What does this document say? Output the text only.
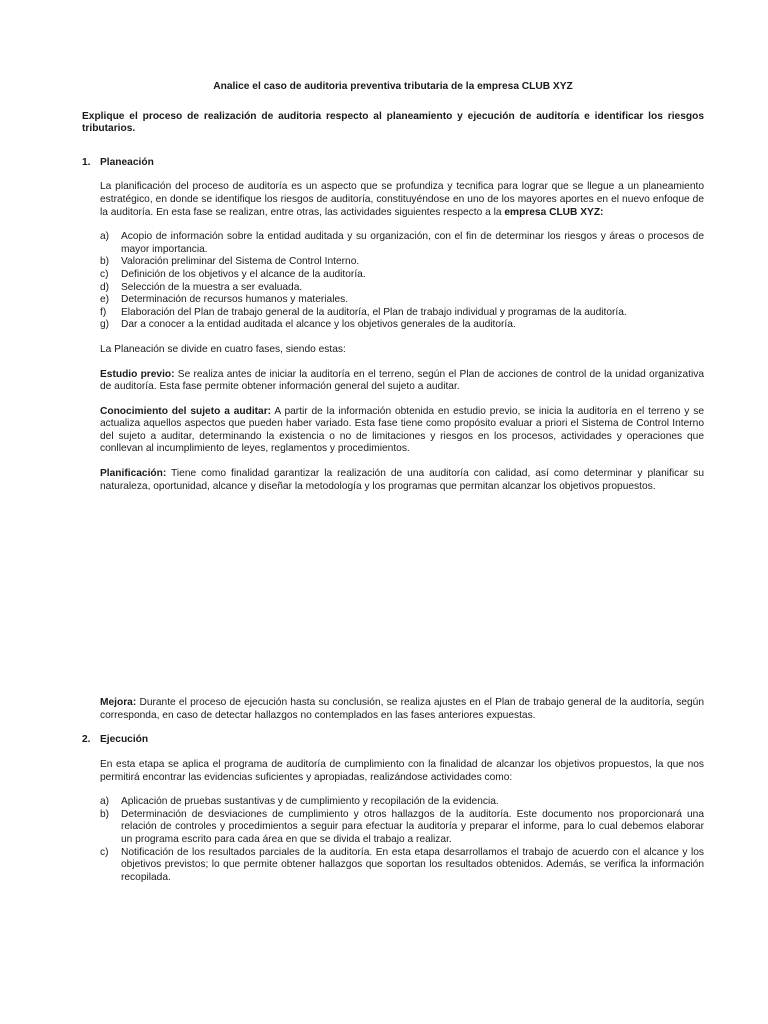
Analice el caso de auditoria preventiva tributaria de la empresa CLUB XYZ
Explique el proceso de realización de auditoria respecto al planeamiento y ejecución de auditoría e identificar los riesgos tributarios.
1. Planeación

La planificación del proceso de auditoría es un aspecto que se profundiza y tecnifica para lograr que se llegue a un planeamiento estratégico, en donde se identifique los riesgos de auditoría, constituyéndose en uno de los mayores aportes en el nuevo enfoque de la auditoría. En esta fase se realizan, entre otras, las actividades siguientes respecto a la empresa CLUB XYZ:

a)	Acopio de información sobre la entidad auditada y su organización, con el fin de determinar los riesgos y áreas o procesos de mayor importancia.
b)	Valoración preliminar del Sistema de Control Interno.
c)	Definición de los objetivos y el alcance de la auditoría.
d)	Selección de la muestra a ser evaluada.
e)	Determinación de recursos humanos y materiales.
f)	Elaboración del Plan de trabajo general de la auditoría, el Plan de trabajo individual y programas de la auditoría.
g)	Dar a conocer a la entidad auditada el alcance y los objetivos generales de la auditoría.

La Planeación se divide en cuatro fases, siendo estas:

Estudio previo: Se realiza antes de iniciar la auditoría en el terreno, según el Plan de acciones de control de la unidad organizativa de auditoría. Esta fase permite obtener información general del sujeto a auditar.

Conocimiento del sujeto a auditar: A partir de la información obtenida en estudio previo, se inicia la auditoría en el terreno y se actualiza aquellos aspectos que pueden haber variado. Esta fase tiene como propósito evaluar a priori el Sistema de Control Interno del sujeto a auditar, determinando la existencia o no de limitaciones y riesgos en los procesos, actividades y operaciones que conllevan al incumplimiento de leyes, reglamentos y procedimientos.

Planificación: Tiene como finalidad garantizar la realización de una auditoría con calidad, así como determinar y planificar su naturaleza, oportunidad, alcance y diseñar la metodología y los programas que permitan alcanzar los objetivos propuestos.

Mejora: Durante el proceso de ejecución hasta su conclusión, se realiza ajustes en el Plan de trabajo general de la auditoría, según corresponda, en caso de detectar hallazgos no contemplados en las fases anteriores expuestas.

2. Ejecución

En esta etapa se aplica el programa de auditoría de cumplimiento con la finalidad de alcanzar los objetivos propuestos, la que nos permitirá encontrar las evidencias suficientes y apropiadas, realizándose actividades como:

a)	Aplicación de pruebas sustantivas y de cumplimiento y recopilación de la evidencia.
b)	Determinación de desviaciones de cumplimiento y otros hallazgos de la auditoría. Este documento nos proporcionará una relación de controles y procedimientos a seguir para efectuar la auditoría y preparar el informe, para lo cual debemos elaborar un programa escrito para cada área en que se divida el trabajo a realizar.
c)	Notificación de los resultados parciales de la auditoría. En esta etapa desarrollamos el trabajo de acuerdo con el alcance y los objetivos previstos; lo que permite obtener hallazgos que soportan los resultados obtenidos. Además, se verifica la información recopilada.
